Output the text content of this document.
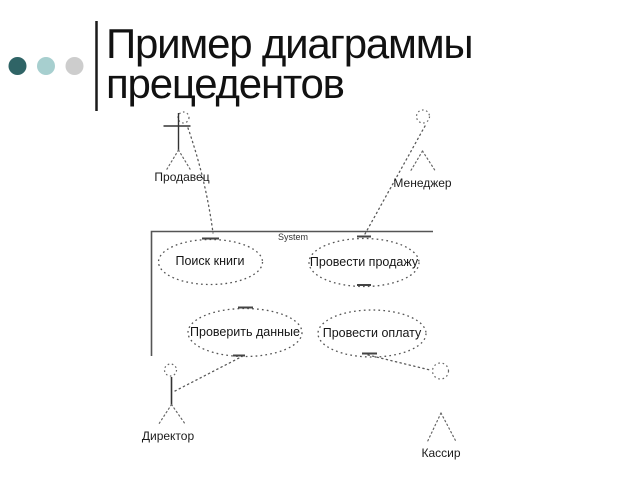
Пример диаграммы
прецедентов
System
Поиск книги	Провести продажу
Проверить данные Провести оплату
Продавец	Менеджер
Директор
Кассир
